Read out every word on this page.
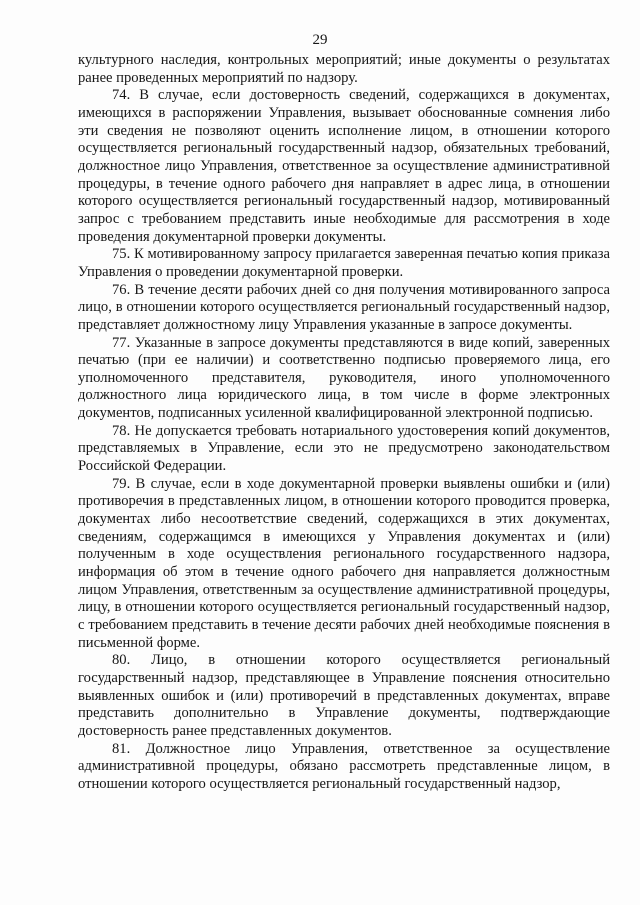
29

культурного наследия, контрольных мероприятий; иные документы о результатах ранее проведенных мероприятий по надзору.

74. В случае, если достоверность сведений, содержащихся в документах, имеющихся в распоряжении Управления, вызывает обоснованные сомнения либо эти сведения не позволяют оценить исполнение лицом, в отношении которого осуществляется региональный государственный надзор, обязательных требований, должностное лицо Управления, ответственное за осуществление административной процедуры, в течение одного рабочего дня направляет в адрес лица, в отношении которого осуществляется региональный государственный надзор, мотивированный запрос с требованием представить иные необходимые для рассмотрения в ходе проведения документарной проверки документы.

75. К мотивированному запросу прилагается заверенная печатью копия приказа Управления о проведении документарной проверки.

76. В течение десяти рабочих дней со дня получения мотивированного запроса лицо, в отношении которого осуществляется региональный государственный надзор, представляет должностному лицу Управления указанные в запросе документы.

77. Указанные в запросе документы представляются в виде копий, заверенных печатью (при ее наличии) и соответственно подписью проверяемого лица, его уполномоченного представителя, руководителя, иного уполномоченного должностного лица юридического лица, в том числе в форме электронных документов, подписанных усиленной квалифицированной электронной подписью.

78. Не допускается требовать нотариального удостоверения копий документов, представляемых в Управление, если это не предусмотрено законодательством Российской Федерации.

79. В случае, если в ходе документарной проверки выявлены ошибки и (или) противоречия в представленных лицом, в отношении которого проводится проверка, документах либо несоответствие сведений, содержащихся в этих документах, сведениям, содержащимся в имеющихся у Управления документах и (или) полученным в ходе осуществления регионального государственного надзора, информация об этом в течение одного рабочего дня направляется должностным лицом Управления, ответственным за осуществление административной процедуры, лицу, в отношении которого осуществляется региональный государственный надзор, с требованием представить в течение десяти рабочих дней необходимые пояснения в письменной форме.

80. Лицо, в отношении которого осуществляется региональный государственный надзор, представляющее в Управление пояснения относительно выявленных ошибок и (или) противоречий в представленных документах, вправе представить дополнительно в Управление документы, подтверждающие достоверность ранее представленных документов.

81. Должностное лицо Управления, ответственное за осуществление административной процедуры, обязано рассмотреть представленные лицом, в отношении которого осуществляется региональный государственный надзор,
